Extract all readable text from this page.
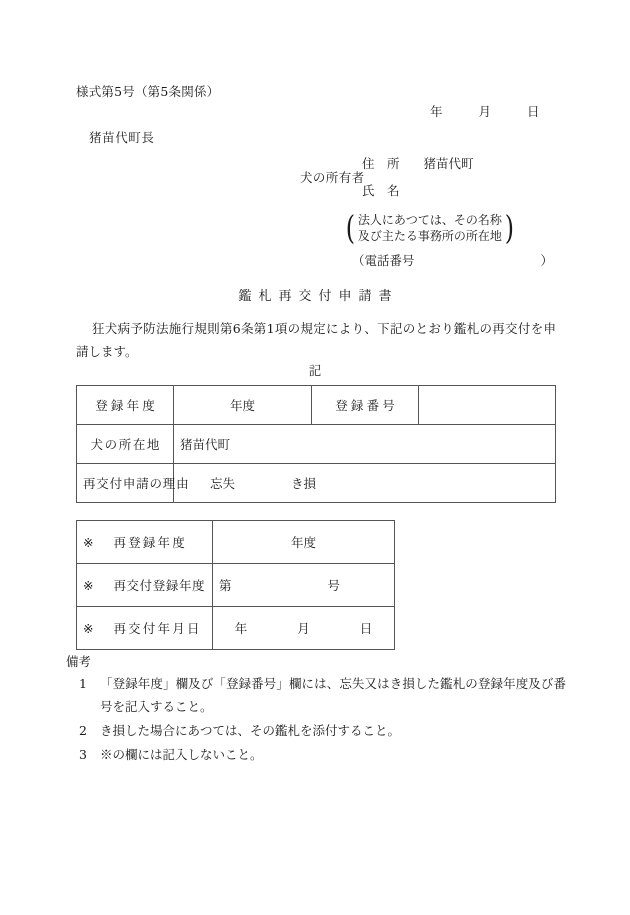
様式第5号（第5条関係）
年	月	日
猪苗代町長
犬の所有者
住　所 猪苗代町
氏　名
( 法人にあつては、その名称
及び主たる事務所の所在地 )
（電話番号	）
鑑札再交付申請書
狂犬病予防法施行規則第6条第1項の規定により、下記のとおり鑑札の再交付を申請します。
記
登録年度	年度	登録番号	
犬の所在地	猪苗代町		
再交付申請の理由	忘失 き損		
※ 再登録年度	年度
※ 再交付登録年度	第 号
※ 再交付年月日	年 月 日
備考
1	「登録年度」欄及び「登録番号」欄には、忘失又はき損した鑑札の登録年度及び番号を記入すること。
2	き損した場合にあつては、その鑑札を添付すること。
3	※の欄には記入しないこと。
